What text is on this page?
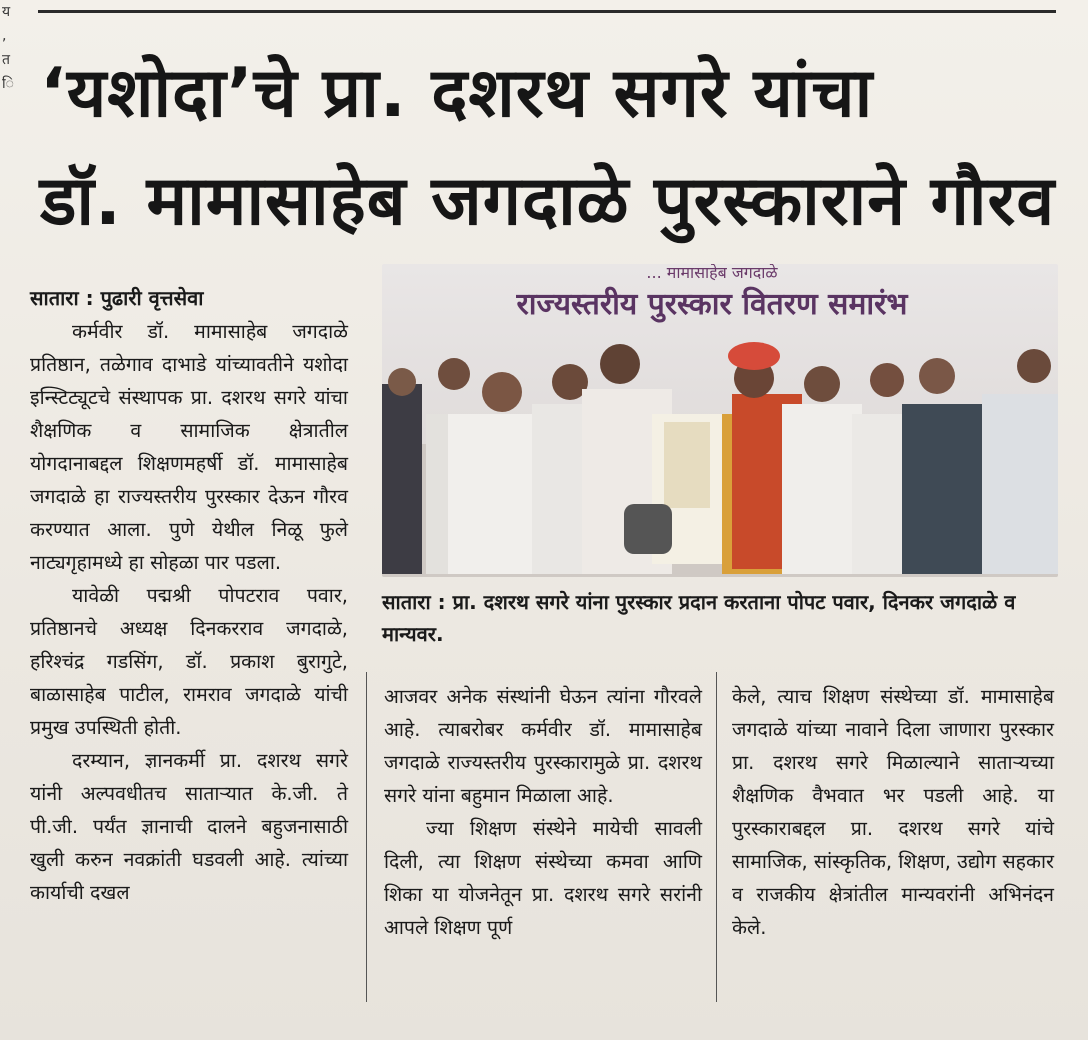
य
,
त
ि ‘यशोदा’चे प्रा. दशरथ सगरे यांचा
डॉ. मामासाहेब जगदाळे पुरस्काराने गौरव

सातारा : पुढारी वृत्तसेवा

कर्मवीर डॉ. मामासाहेब जगदाळे प्रतिष्ठान, तळेगाव दाभाडे यांच्यावतीने यशोदा इन्स्टिट्यूटचे संस्थापक प्रा. दशरथ सगरे यांचा शैक्षणिक व सामाजिक क्षेत्रातील योगदानाबद्दल शिक्षणमहर्षी डॉ. मामासाहेब जगदाळे हा राज्यस्तरीय पुरस्कार देऊन गौरव करण्यात आला. पुणे येथील निळू फुले नाट्यगृहामध्ये हा सोहळा पार पडला.

यावेळी पद्मश्री पोपटराव पवार, प्रतिष्ठानचे अध्यक्ष दिनकरराव जगदाळे, हरिश्चंद्र गडसिंग, डॉ. प्रकाश बुरागुटे, बाळासाहेब पाटील, रामराव जगदाळे यांची प्रमुख उपस्थिती होती.

दरम्यान, ज्ञानकर्मी प्रा. दशरथ सगरे यांनी अल्पवधीतच साताऱ्यात के.जी. ते पी.जी. पर्यंत ज्ञानाची दालने बहुजनासाठी खुली करुन नवक्रांती घडवली आहे. त्यांच्या कार्याची दखल

... मामासाहेब जगदाळे
राज्यस्तरीय पुरस्कार वितरण समारंभ
सातारा : प्रा. दशरथ सगरे यांना पुरस्कार प्रदान करताना पोपट पवार, दिनकर जगदाळे व मान्यवर.

आजवर अनेक संस्थांनी घेऊन त्यांना गौरवले आहे. त्याबरोबर कर्मवीर डॉ. मामासाहेब जगदाळे राज्यस्तरीय पुरस्कारामुळे प्रा. दशरथ सगरे यांना बहुमान मिळाला आहे.

ज्या शिक्षण संस्थेने मायेची सावली दिली, त्या शिक्षण संस्थेच्या कमवा आणि शिका या योजनेतून प्रा. दशरथ सगरे सरांनी आपले शिक्षण पूर्ण

केले, त्याच शिक्षण संस्थेच्या डॉ. मामासाहेब जगदाळे यांच्या नावाने दिला जाणारा पुरस्कार प्रा. दशरथ सगरे मिळाल्याने साताऱ्यच्या शैक्षणिक वैभवात भर पडली आहे. या पुरस्काराबद्दल प्रा. दशरथ सगरे यांचे सामाजिक, सांस्कृतिक, शिक्षण, उद्योग सहकार व राजकीय क्षेत्रांतील मान्यवरांनी अभिनंदन केले.
